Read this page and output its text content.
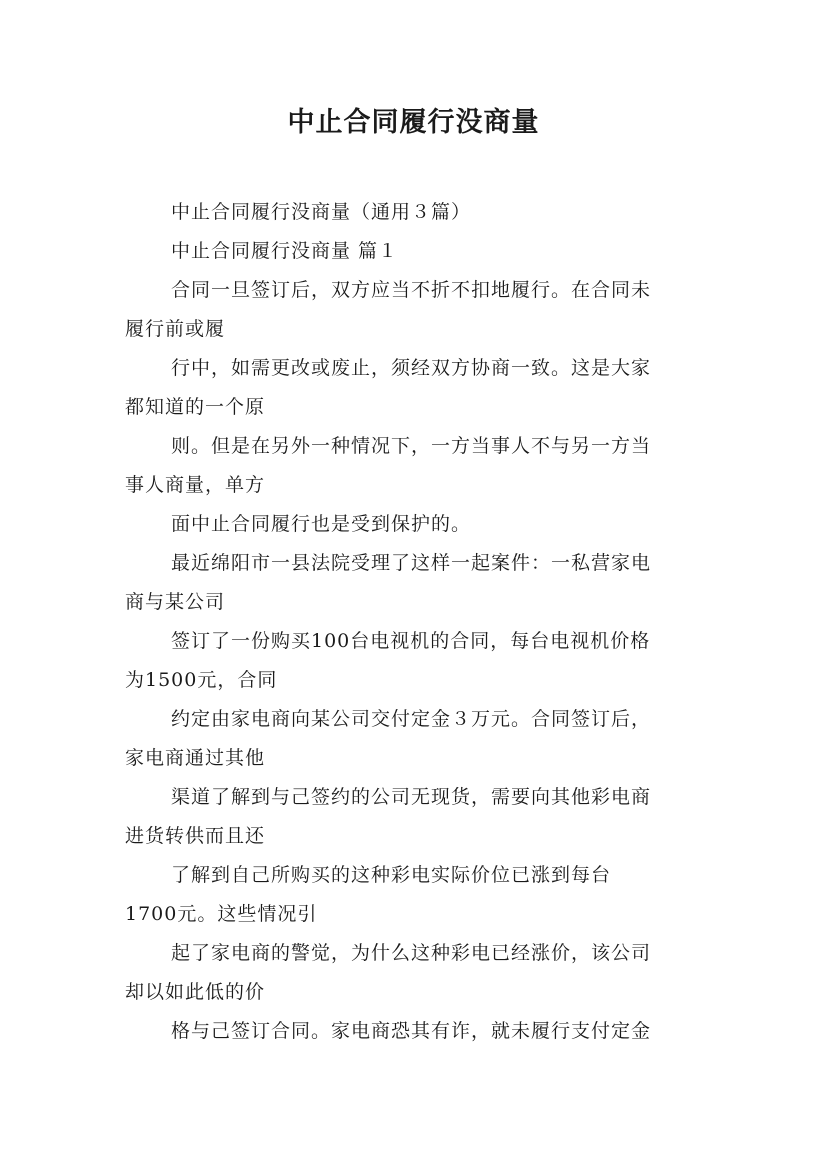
中止合同履行没商量

中止合同履行没商量（通用３篇）

中止合同履行没商量 篇１

合同一旦签订后，双方应当不折不扣地履行。在合同未

履行前或履

行中，如需更改或废止，须经双方协商一致。这是大家

都知道的一个原

则。但是在另外一种情况下，一方当事人不与另一方当

事人商量，单方

面中止合同履行也是受到保护的。

最近绵阳市一县法院受理了这样一起案件：一私营家电

商与某公司

签订了一份购买100台电视机的合同，每台电视机价格

为1500元，合同

约定由家电商向某公司交付定金３万元。合同签订后，

家电商通过其他

渠道了解到与己签约的公司无现货，需要向其他彩电商

进货转供而且还

了解到自己所购买的这种彩电实际价位已涨到每台

1700元。这些情况引

起了家电商的警觉，为什么这种彩电已经涨价，该公司

却以如此低的价

格与己签订合同。家电商恐其有诈，就未履行支付定金
